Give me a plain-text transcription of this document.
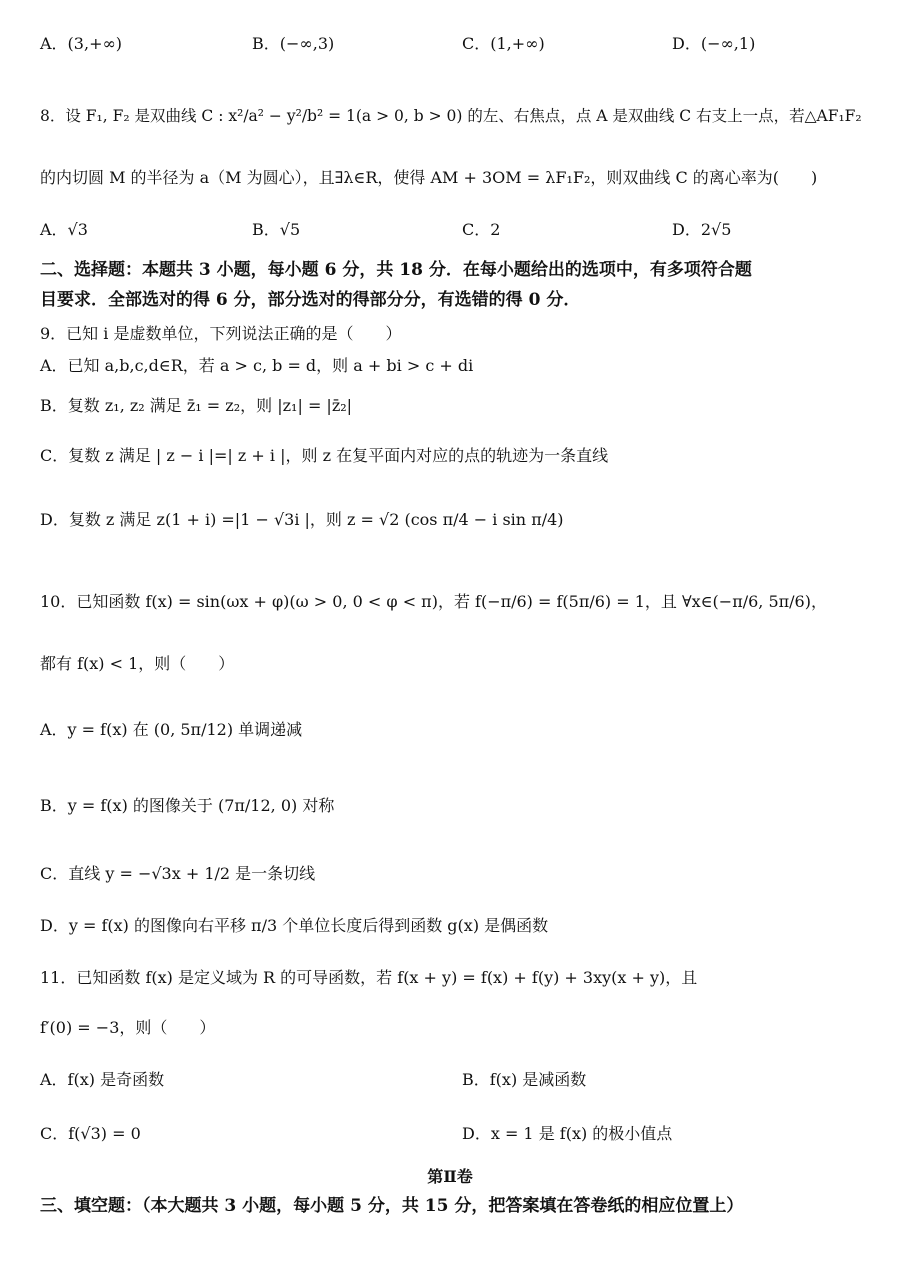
A．(3,+∞)	B．(−∞,3)	C．(1,+∞)	D．(−∞,1)
8．设 F₁, F₂ 是双曲线 C : x²/a² − y²/b² = 1(a > 0, b > 0) 的左、右焦点，点 A 是双曲线 C 右支上一点，若△AF₁F₂
的内切圆 M 的半径为 a（M 为圆心），且∃λ∈R，使得 AM + 3OM = λF₁F₂，则双曲线 C 的离心率为(　　)
A．√3	B．√5	C．2	D．2√5
二、选择题：本题共 3 小题，每小题 6 分，共 18 分．在每小题给出的选项中，有多项符合题
目要求．全部选对的得 6 分，部分选对的得部分分，有选错的得 0 分．
9．已知 i 是虚数单位，下列说法正确的是（　　）
A．已知 a,b,c,d∈R，若 a > c, b = d，则 a + bi > c + di
B．复数 z₁, z₂ 满足 z̄₁ = z₂，则 |z₁| = |z̄₂|
C．复数 z 满足 | z − i |=| z + i |，则 z 在复平面内对应的点的轨迹为一条直线
D．复数 z 满足 z(1 + i) =|1 − √3i |，则 z = √2 (cos π/4 − i sin π/4)
10．已知函数 f(x) = sin(ωx + φ)(ω > 0, 0 < φ < π)，若 f(−π/6) = f(5π/6) = 1，且 ∀x∈(−π/6, 5π/6)，
都有 f(x) < 1，则（　　）
A．y = f(x) 在 (0, 5π/12) 单调递减
B．y = f(x) 的图像关于 (7π/12, 0) 对称
C．直线 y = −√3x + 1/2 是一条切线
D．y = f(x) 的图像向右平移 π/3 个单位长度后得到函数 g(x) 是偶函数
11．已知函数 f(x) 是定义域为 R 的可导函数，若 f(x + y) = f(x) + f(y) + 3xy(x + y)，且
f′(0) = −3，则（　　）
A．f(x) 是奇函数	B．f(x) 是减函数
C．f(√3) = 0	D．x = 1 是 f(x) 的极小值点
第Ⅱ卷
三、填空题：（本大题共 3 小题，每小题 5 分，共 15 分，把答案填在答卷纸的相应位置上）
